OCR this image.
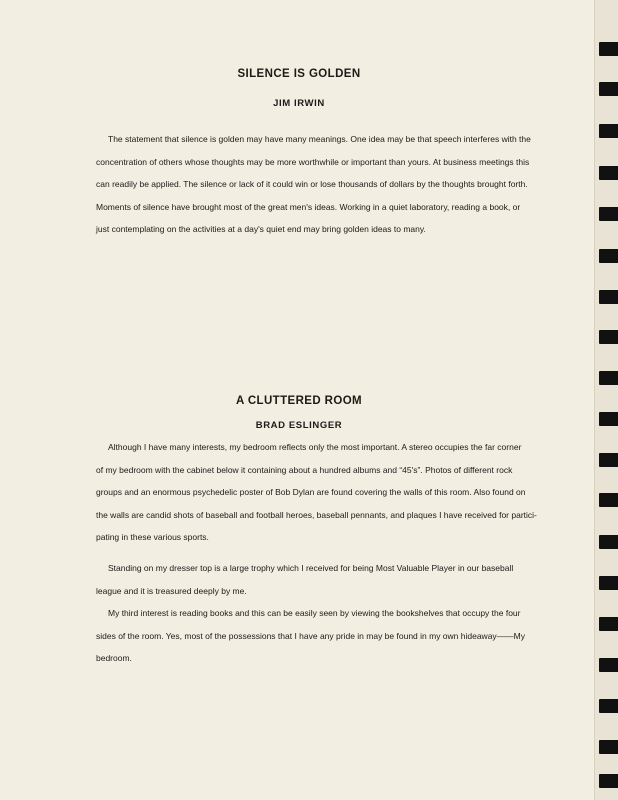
SILENCE IS GOLDEN
JIM IRWIN
The statement that silence is golden may have many meanings. One idea may be that speech interferes with the
concentration of others whose thoughts may be more worthwhile or important than yours. At business meetings this
can readily be applied. The silence or lack of it could win or lose thousands of dollars by the thoughts brought forth.
Moments of silence have brought most of the great men's ideas. Working in a quiet laboratory, reading a book, or
just contemplating on the activities at a day's quiet end may bring golden ideas to many.
A CLUTTERED ROOM
BRAD ESLINGER
Although I have many interests, my bedroom reflects only the most important. A stereo occupies the far corner
of my bedroom with the cabinet below it containing about a hundred albums and “45's”. Photos of different rock
groups and an enormous psychedelic poster of Bob Dylan are found covering the walls of this room. Also found on
the walls are candid shots of baseball and football heroes, baseball pennants, and plaques I have received for partici-
pating in these various sports.
Standing on my dresser top is a large trophy which I received for being Most Valuable Player in our baseball
league and it is treasured deeply by me.
My third interest is reading books and this can be easily seen by viewing the bookshelves that occupy the four
sides of the room. Yes, most of the possessions that I have any pride in may be found in my own hideaway——My
bedroom.
